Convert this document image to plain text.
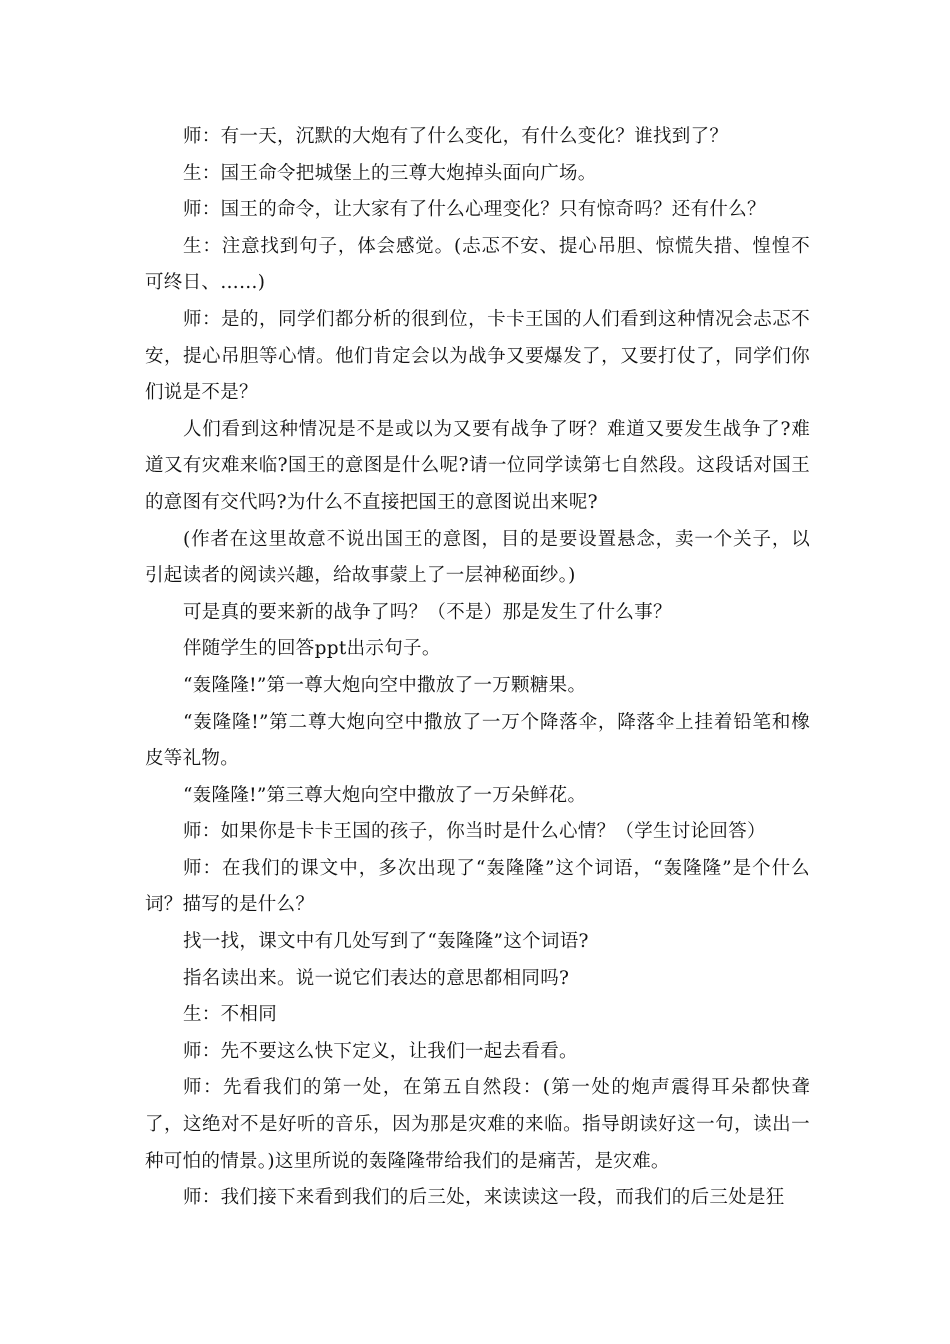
师：有一天，沉默的大炮有了什么变化，有什么变化？谁找到了？

生：国王命令把城堡上的三尊大炮掉头面向广场。

师：国王的命令，让大家有了什么心理变化？只有惊奇吗？还有什么？

生：注意找到句子，体会感觉。(忐忑不安、提心吊胆、惊慌失措、惶惶不可终日、……)

师：是的，同学们都分析的很到位，卡卡王国的人们看到这种情况会忐忑不安，提心吊胆等心情。他们肯定会以为战争又要爆发了，又要打仗了，同学们你们说是不是？

人们看到这种情况是不是或以为又要有战争了呀？难道又要发生战争了?难道又有灾难来临?国王的意图是什么呢?请一位同学读第七自然段。这段话对国王的意图有交代吗?为什么不直接把国王的意图说出来呢?

(作者在这里故意不说出国王的意图，目的是要设置悬念，卖一个关子，以引起读者的阅读兴趣，给故事蒙上了一层神秘面纱。)

可是真的要来新的战争了吗？（不是）那是发生了什么事？

伴随学生的回答ppt出示句子。

“轰隆隆!”第一尊大炮向空中撒放了一万颗糖果。

“轰隆隆!”第二尊大炮向空中撒放了一万个降落伞，降落伞上挂着铅笔和橡皮等礼物。

“轰隆隆!”第三尊大炮向空中撒放了一万朵鲜花。

师：如果你是卡卡王国的孩子，你当时是什么心情？（学生讨论回答）

师：在我们的课文中，多次出现了“轰隆隆”这个词语，“轰隆隆”是个什么词？描写的是什么？

找一找，课文中有几处写到了“轰隆隆”这个词语?

指名读出来。说一说它们表达的意思都相同吗?

生：不相同

师：先不要这么快下定义，让我们一起去看看。

师：先看我们的第一处，在第五自然段：(第一处的炮声震得耳朵都快聋了，这绝对不是好听的音乐，因为那是灾难的来临。指导朗读好这一句，读出一种可怕的情景。)这里所说的轰隆隆带给我们的是痛苦，是灾难。

师：我们接下来看到我们的后三处，来读读这一段，而我们的后三处是狂
